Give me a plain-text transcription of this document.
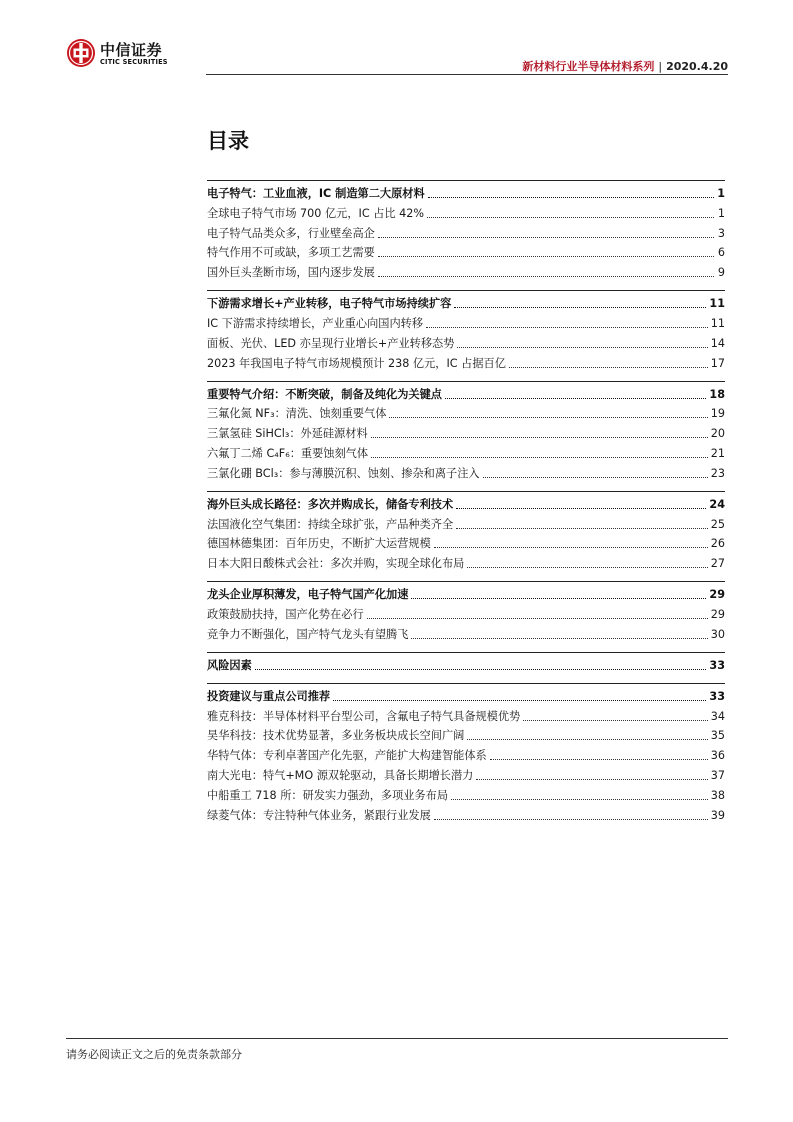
中信证券
CITIC SECURITIES	新材料行业半导体材料系列 | 2020.4.20
目录
电子特气：工业血液，IC 制造第二大原材料	1
全球电子特气市场 700 亿元，IC 占比 42%	1
电子特气品类众多，行业壁垒高企	3
特气作用不可或缺，多项工艺需要	6
国外巨头垄断市场，国内逐步发展	9
下游需求增长+产业转移，电子特气市场持续扩容	11
IC 下游需求持续增长，产业重心向国内转移	11
面板、光伏、LED 亦呈现行业增长+产业转移态势	14
2023 年我国电子特气市场规模预计 238 亿元，IC 占据百亿	17
重要特气介绍：不断突破，制备及纯化为关键点	18
三氟化氮 NF₃：清洗、蚀刻重要气体	19
三氯氢硅 SiHCl₃：外延硅源材料	20
六氟丁二烯 C₄F₆：重要蚀刻气体	21
三氯化硼 BCl₃：参与薄膜沉积、蚀刻、掺杂和离子注入	23
海外巨头成长路径：多次并购成长，储备专利技术	24
法国液化空气集团：持续全球扩张，产品种类齐全	25
德国林德集团：百年历史，不断扩大运营规模	26
日本大阳日酸株式会社：多次并购，实现全球化布局	27
龙头企业厚积薄发，电子特气国产化加速	29
政策鼓励扶持，国产化势在必行	29
竞争力不断强化，国产特气龙头有望腾飞	30
风险因素	33
投资建议与重点公司推荐	33
雅克科技：半导体材料平台型公司，含氟电子特气具备规模优势	34
昊华科技：技术优势显著，多业务板块成长空间广阔	35
华特气体：专利卓著国产化先驱，产能扩大构建智能体系	36
南大光电：特气+MO 源双轮驱动，具备长期增长潜力	37
中船重工 718 所：研发实力强劲，多项业务布局	38
绿菱气体：专注特种气体业务，紧跟行业发展	39
请务必阅读正文之后的免责条款部分
